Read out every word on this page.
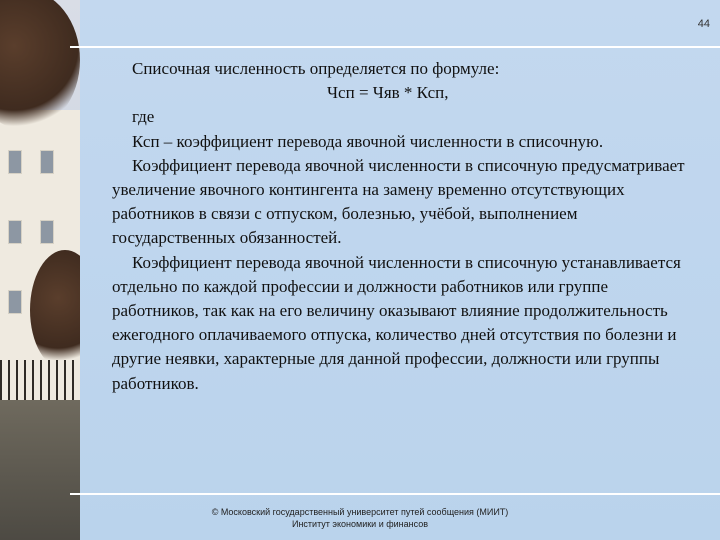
44

Списочная численность определяется по формуле:

Чсп = Чяв * Ксп,

где

Ксп – коэффициент перевода явочной численности в списочную.

Коэффициент перевода явочной численности в списочную предусматривает увеличение явочного контингента на замену временно отсутствующих работников в связи с отпуском, болезнью, учёбой, выполнением государственных обязанностей.

Коэффициент перевода явочной численности в списочную устанавливается отдельно по каждой профессии и должности работников или группе работников, так как на его величину оказывают влияние продолжительность ежегодного оплачиваемого отпуска, количество дней отсутствия по болезни и другие неявки, характерные для данной профессии, должности или группы работников.

© Московский государственный университет путей сообщения (МИИТ)
Институт экономики и финансов
